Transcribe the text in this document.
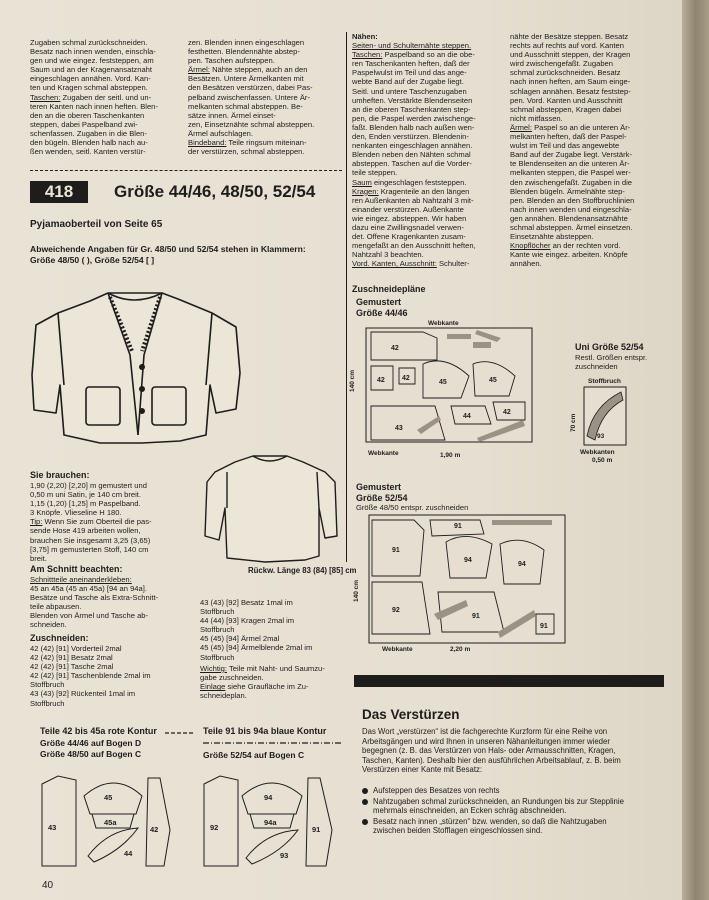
Zugaben schmal zurückschneiden.
Besatz nach innen wenden, einschla-
gen und wie eingez. feststeppen, am
Saum und an der Kragenansatznaht
eingeschlagen annähen. Vord. Kan-
ten und Kragen schmal absteppen.
Taschen: Zugaben der seitl. und un-
teren Kanten nach innen heften. Blen-
den an die oberen Taschenkanten
steppen, dabei Paspelband zwi-
schenfassen. Zugaben in die Blen-
den bügeln. Blenden halb nach au-
ßen wenden, seitl. Kanten verstür-

zen. Blenden innen eingeschlagen
festhetten. Blendennähte abstep-
pen. Taschen aufsteppen.
Ärmel: Nähte steppen, auch an den
Besätzen. Untere Ärmelkanten mit
den Besätzen verstürzen, dabei Pas-
pelband zwischenfassen. Untere Är-
melkanten schmal absteppen. Be-
sätze innen. Ärmel einset-
zen, Einsetznähte schmal absteppen.
Ärmel aufschlagen.
Bindeband: Teile ringsum miteinan-
der verstürzen, schmal absteppen.

Nähen:
Seiten- und Schulternähte steppen.
Taschen: Paspelband so an die obe-
ren Taschenkanten heften, daß der
Paspelwulst im Teil und das ange-
webte Band auf der Zugabe liegt.
Seitl. und untere Taschenzugaben
umheften. Verstärkte Blendenseiten
an die oberen Taschenkanten step-
pen, die Paspel werden zwischenge-
faßt. Blenden halb nach außen wen-
den, Enden verstürzen. Blendenin-
nenkanten eingeschlagen annähen.
Blenden neben den Nähten schmal
absteppen. Taschen auf die Vorder-
teile steppen.
Saum eingeschlagen feststeppen.
Kragen: Kragenteile an den längen
ren Außenkanten ab Nahtzahl 3 mit-
einander verstürzen. Außenkante
wie eingez. absteppen. Wir haben
dazu eine Zwillingsnadel verwen-
det. Offene Kragenkanten zusam-
mengefaßt an den Ausschnitt heften,
Nahtzahl 3 beachten.
Vord. Kanten, Ausschnitt: Schulter-

nähte der Besätze steppen. Besatz
rechts auf rechts auf vord. Kanten
und Ausschnitt steppen, der Kragen
wird zwischengefaßt. Zugaben
schmal zurückschneiden. Besatz
nach innen heften, am Saum einge-
schlagen annähen. Besatz feststep-
pen. Vord. Kanten und Ausschnitt
schmal absteppen, Kragen dabei
nicht mitfassen.
Ärmel: Paspel so an die unteren Är-
melkanten heften, daß der Paspel-
wulst im Teil und das angewebte
Band auf der Zugabe liegt. Verstärk-
te Blendenseiten an die unteren Är-
melkanten steppen, die Paspel wer-
den zwischengefaßt. Zugaben in die
Blenden bügeln. Ärmelnähte step-
pen. Blenden an den Stoffbruchlinien
nach innen wenden und eingeschla-
gen annähen. Blendenansatznähte
schmal absteppen. Ärmel einsetzen.
Einsetznähte absteppen.
Knopflöcher an der rechten vord.
Kante wie eingez. arbeiten. Knöpfe
annähen.

418	Größe 44/46, 48/50, 52/54
Pyjamaoberteil von Seite 65
Abweichende Angaben für Gr. 48/50 und 52/54 stehen in Klammern:
Größe 48/50 ( ), Größe 52/54 [ ]
Rückw. Länge 83 (84) [85] cm
Sie brauchen:

1,90 (2,20) [2,20] m gemustert und
0,50 m uni Satin, je 140 cm breit.
1,15 (1,20) [1,25] m Paspelband.
3 Knöpfe. Vlieseline H 180.
Tip: Wenn Sie zum Oberteil die pas-
sende Hose 419 arbeiten wollen,
brauchen Sie insgesamt 3,25 (3,65)
[3,75] m gemusterten Stoff, 140 cm
breit.

Am Schnitt beachten:

Schnittteile aneinanderkleben:
45 an 45a (45 an 45a) [94 an 94a].
Besätze und Tasche als Extra-Schnitt-
teile abpausen.
Blenden von Ärmel und Tasche ab-
schneiden.

Zuschneiden:

42 (42) [91] Vorderteil 2mal
42 (42) [91] Besatz 2mal
42 (42) [91] Tasche 2mal
42 (42) [91] Taschenblende 2mal im
Stoffbruch
43 (43) [92] Rückenteil 1mal im
Stoffbruch

43 (43) [92] Besatz 1mal im
Stoffbruch
44 (44) [93] Kragen 2mal im
Stoffbruch
45 (45) [94] Ärmel 2mal
45 (45) [94] Ärmelblende 2mal im
Stoffbruch

Wichtig: Teile mit Naht- und Saumzu-
gabe zuschneiden.
Einlage siehe Graufläche im Zu-
schneideplan.

Teile 42 bis 45a rote Kontur
Größe 44/46 auf Bogen D
Größe 48/50 auf Bogen C
Teile 91 bis 94a blaue Kontur
Größe 52/54 auf Bogen C
43
45
45a
42
44
92
94
94a
91
93
Zuschneidepläne
Gemustert
Größe 44/46
42
42 42
45	45
43
44
42
Webkante
Webkante	1,90 m
140 cm
Uni Größe 52/54
Restl. Größen entspr.
zuschneiden
Stoffbruch
93
Webkanten
0,50 m
70 cm
Gemustert
Größe 52/54
Größe 48/50 entspr. zuschneiden
91
91
94
94
92
91
91
Webkante	2,20 m
140 cm
Das Verstürzen

Das Wort „verstürzen“ ist die fachgerechte Kurzform für eine Reihe von
Arbeitsgängen und wird Ihnen in unseren Nähanleitungen immer wieder
begegnen (z. B. das Verstürzen von Hals- oder Armausschnitten, Kragen,
Taschen, Kanten). Deshalb hier den ausführlichen Arbeitsablauf, z. B. beim
Verstürzen einer Kante mit Besatz:

Aufsteppen des Besatzes von rechts
Nahtzugaben schmal zurückschneiden, an Rundungen bis zur Stepplinie
mehrmals einschneiden, an Ecken schräg abschneiden.
Besatz nach innen „stürzen“ bzw. wenden, so daß die Nahtzugaben
zwischen beiden Stofflagen eingeschlossen sind.
40
